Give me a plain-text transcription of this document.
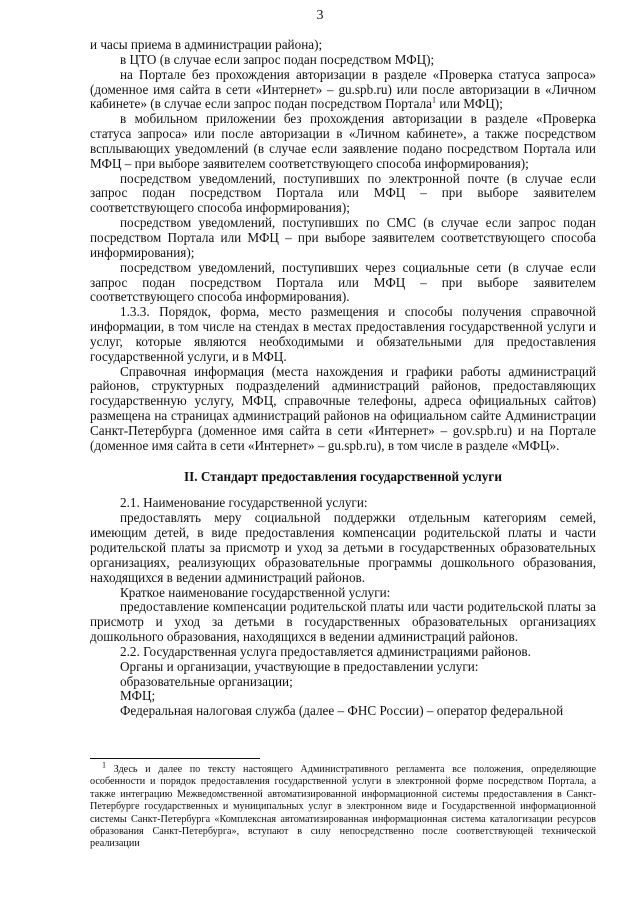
3

и часы приема в администрации района);

в ЦТО (в случае если запрос подан посредством МФЦ);

на Портале без прохождения авторизации в разделе «Проверка статуса запроса» (доменное имя сайта в сети «Интернет» – gu.spb.ru) или после авторизации в «Личном кабинете» (в случае если запрос подан посредством Портала$^1$ или МФЦ);

в мобильном приложении без прохождения авторизации в разделе «Проверка статуса запроса» или после авторизации в «Личном кабинете», а также посредством всплывающих уведомлений (в случае если заявление подано посредством Портала или МФЦ – при выборе заявителем соответствующего способа информирования);

посредством уведомлений, поступивших по электронной почте (в случае если запрос подан посредством Портала или МФЦ – при выборе заявителем соответствующего способа информирования);

посредством уведомлений, поступивших по СМС (в случае если запрос подан посредством Портала или МФЦ – при выборе заявителем соответствующего способа информирования);

посредством уведомлений, поступивших через социальные сети (в случае если запрос подан посредством Портала или МФЦ – при выборе заявителем соответствующего способа информирования).

1.3.3. Порядок, форма, место размещения и способы получения справочной информации, в том числе на стендах в местах предоставления государственной услуги и услуг, которые являются необходимыми и обязательными для предоставления государственной услуги, и в МФЦ.

Справочная информация (места нахождения и графики работы администраций районов, структурных подразделений администраций районов, предоставляющих государственную услугу, МФЦ, справочные телефоны, адреса официальных сайтов) размещена на страницах администраций районов на официальном сайте Администрации Санкт-Петербурга (доменное имя сайта в сети «Интернет» – gov.spb.ru) и на Портале (доменное имя сайта в сети «Интернет» – gu.spb.ru), в том числе в разделе «МФЦ».

II. Стандарт предоставления государственной услуги

2.1. Наименование государственной услуги:

предоставлять меру социальной поддержки отдельным категориям семей, имеющим детей, в виде предоставления компенсации родительской платы и части родительской платы за присмотр и уход за детьми в государственных образовательных организациях, реализующих образовательные программы дошкольного образования, находящихся в ведении администраций районов.

Краткое наименование государственной услуги:

предоставление компенсации родительской платы или части родительской платы за присмотр и уход за детьми в государственных образовательных организациях дошкольного образования, находящихся в ведении администраций районов.

2.2. Государственная услуга предоставляется администрациями районов.

Органы и организации, участвующие в предоставлении услуги:

образовательные организации;

МФЦ;

Федеральная налоговая служба (далее – ФНС России) – оператор федеральной

$^1$ Здесь и далее по тексту настоящего Административного регламента все положения, определяющие особенности и порядок предоставления государственной услуги в электронной форме посредством Портала, а также интеграцию Межведомственной автоматизированной информационной системы предоставления в Санкт-Петербурге государственных и муниципальных услуг в электронном виде и Государственной информационной системы Санкт-Петербурга «Комплексная автоматизированная информационная система каталогизации ресурсов образования Санкт-Петербурга», вступают в силу непосредственно после соответствующей технической реализации
